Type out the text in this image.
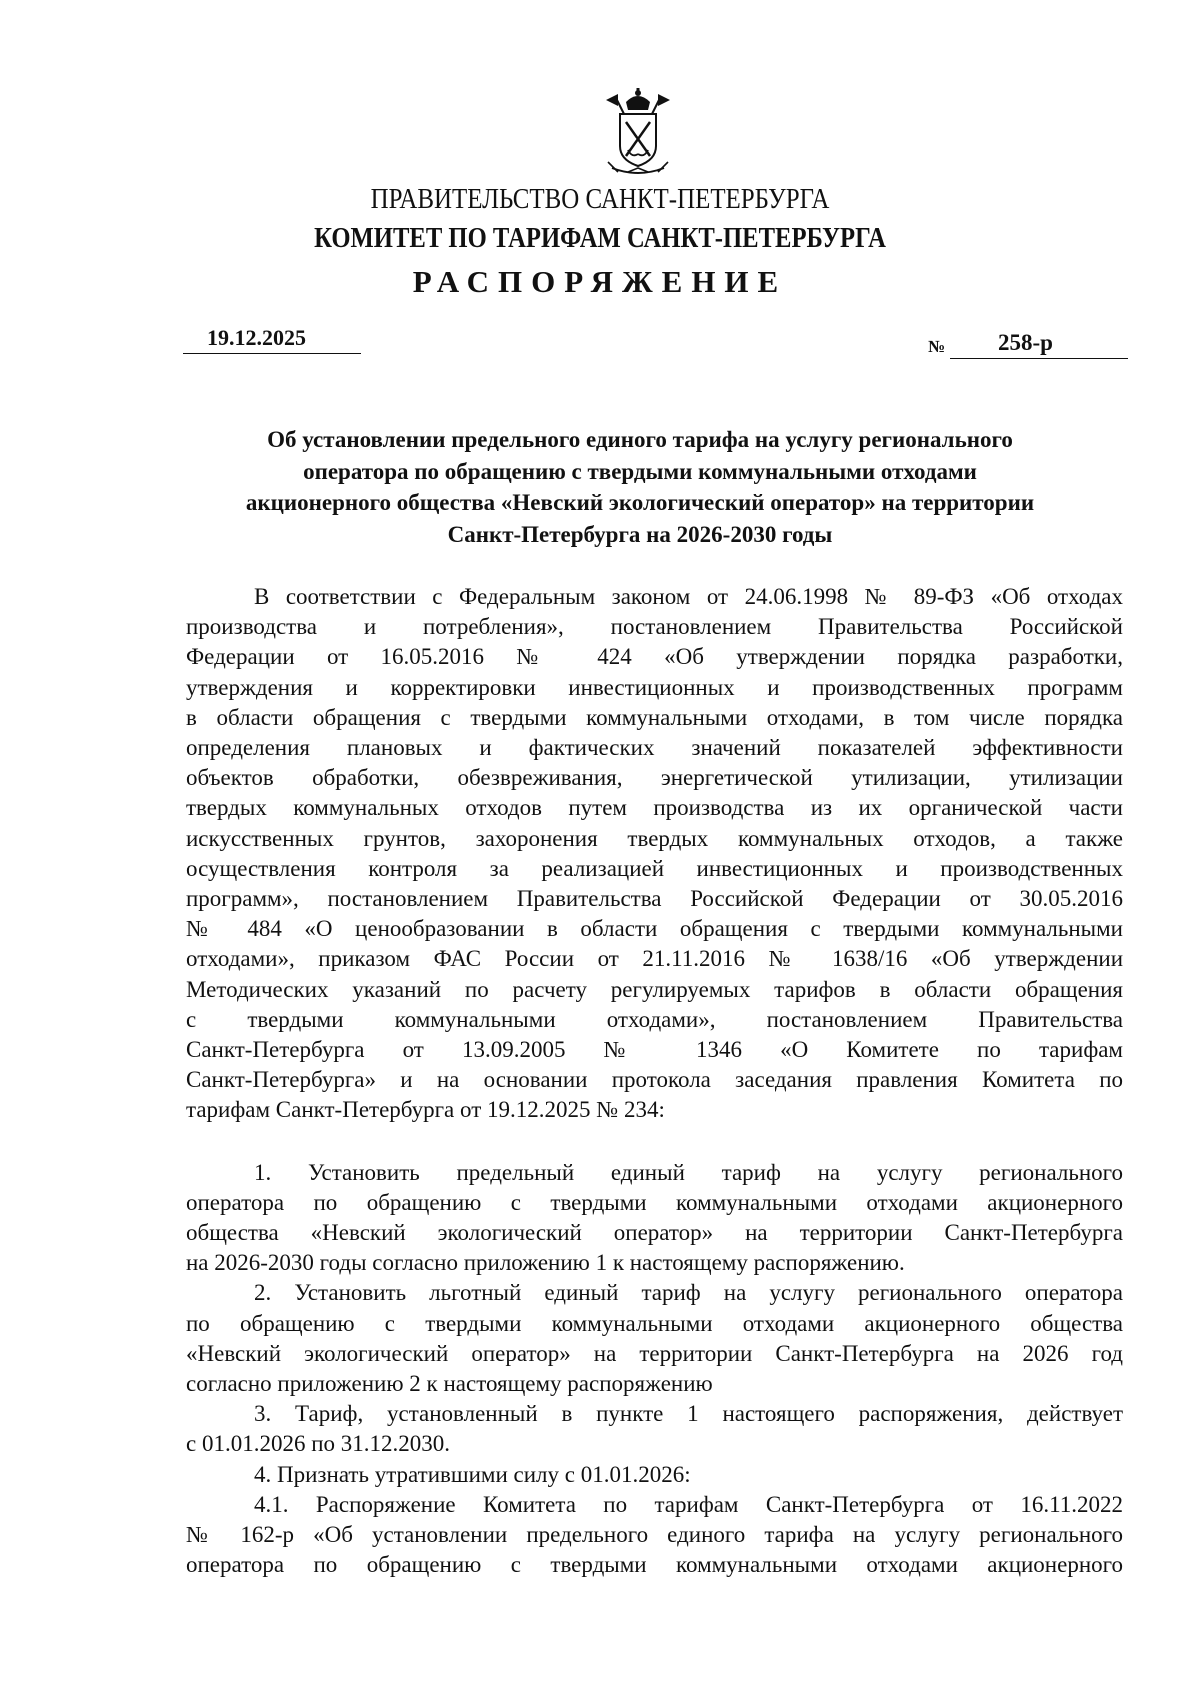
ПРАВИТЕЛЬСТВО САНКТ-ПЕТЕРБУРГА
КОМИТЕТ ПО ТАРИФАМ САНКТ-ПЕТЕРБУРГА
РАСПОРЯЖЕНИЕ
19.12.2025	№ 258-р
Об установлении предельного единого тарифа на услугу регионального
оператора по обращению с твердыми коммунальными отходами
акционерного общества «Невский экологический оператор» на территории
Санкт-Петербурга на 2026-2030 годы
В соответствии с Федеральным законом от 24.06.1998 № 89-ФЗ «Об отходах
производства и потребления», постановлением Правительства Российской
Федерации от 16.05.2016 № 424 «Об утверждении порядка разработки,
утверждения и корректировки инвестиционных и производственных программ
в области обращения с твердыми коммунальными отходами, в том числе порядка
определения плановых и фактических значений показателей эффективности
объектов обработки, обезвреживания, энергетической утилизации, утилизации
твердых коммунальных отходов путем производства из их органической части
искусственных грунтов, захоронения твердых коммунальных отходов, а также
осуществления контроля за реализацией инвестиционных и производственных
программ», постановлением Правительства Российской Федерации от 30.05.2016
№ 484 «О ценообразовании в области обращения с твердыми коммунальными
отходами», приказом ФАС России от 21.11.2016 № 1638/16 «Об утверждении
Методических указаний по расчету регулируемых тарифов в области обращения
с твердыми коммунальными отходами», постановлением Правительства
Санкт-Петербурга от 13.09.2005 № 1346 «О Комитете по тарифам
Санкт-Петербурга» и на основании протокола заседания правления Комитета по
тарифам Санкт-Петербурга от 19.12.2025 № 234:
1. Установить предельный единый тариф на услугу регионального
оператора по обращению с твердыми коммунальными отходами акционерного
общества «Невский экологический оператор» на территории Санкт-Петербурга
на 2026-2030 годы согласно приложению 1 к настоящему распоряжению.
2. Установить льготный единый тариф на услугу регионального оператора
по обращению с твердыми коммунальными отходами акционерного общества
«Невский экологический оператор» на территории Санкт-Петербурга на 2026 год
согласно приложению 2 к настоящему распоряжению
3. Тариф, установленный в пункте 1 настоящего распоряжения, действует
с 01.01.2026 по 31.12.2030.
4. Признать утратившими силу с 01.01.2026:
4.1. Распоряжение Комитета по тарифам Санкт-Петербурга от 16.11.2022
№ 162-р «Об установлении предельного единого тарифа на услугу регионального
оператора по обращению с твердыми коммунальными отходами акционерного
